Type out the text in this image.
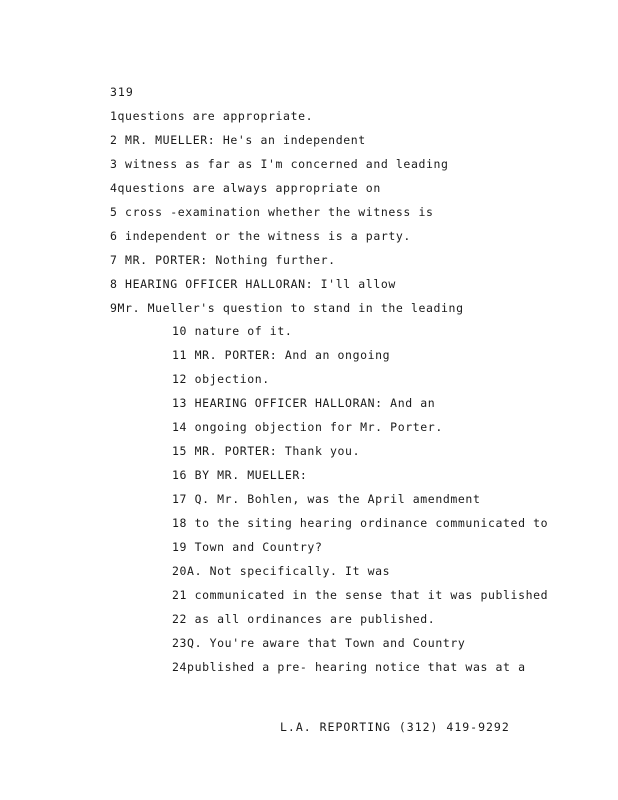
319
1questions are appropriate.
2 MR. MUELLER: He's an independent
3 witness as far as I'm concerned and leading
4questions are always appropriate on
5 cross -examination whether the witness is
6 independent or the witness is a party.
7 MR. PORTER: Nothing further.
8 HEARING OFFICER HALLORAN: I'll allow
9Mr. Mueller's question to stand in the leading
10 nature of it.
11 MR. PORTER: And an ongoing
12 objection.
13 HEARING OFFICER HALLORAN: And an
14 ongoing objection for Mr. Porter.
15 MR. PORTER: Thank you.
16 BY MR. MUELLER:
17 Q. Mr. Bohlen, was the April amendment
18 to the siting hearing ordinance communicated to
19 Town and Country?
20A. Not specifically. It was
21 communicated in the sense that it was published
22 as all ordinances are published.
23Q. You're aware that Town and Country
24published a pre- hearing notice that was at a
L.A. REPORTING (312) 419-9292
